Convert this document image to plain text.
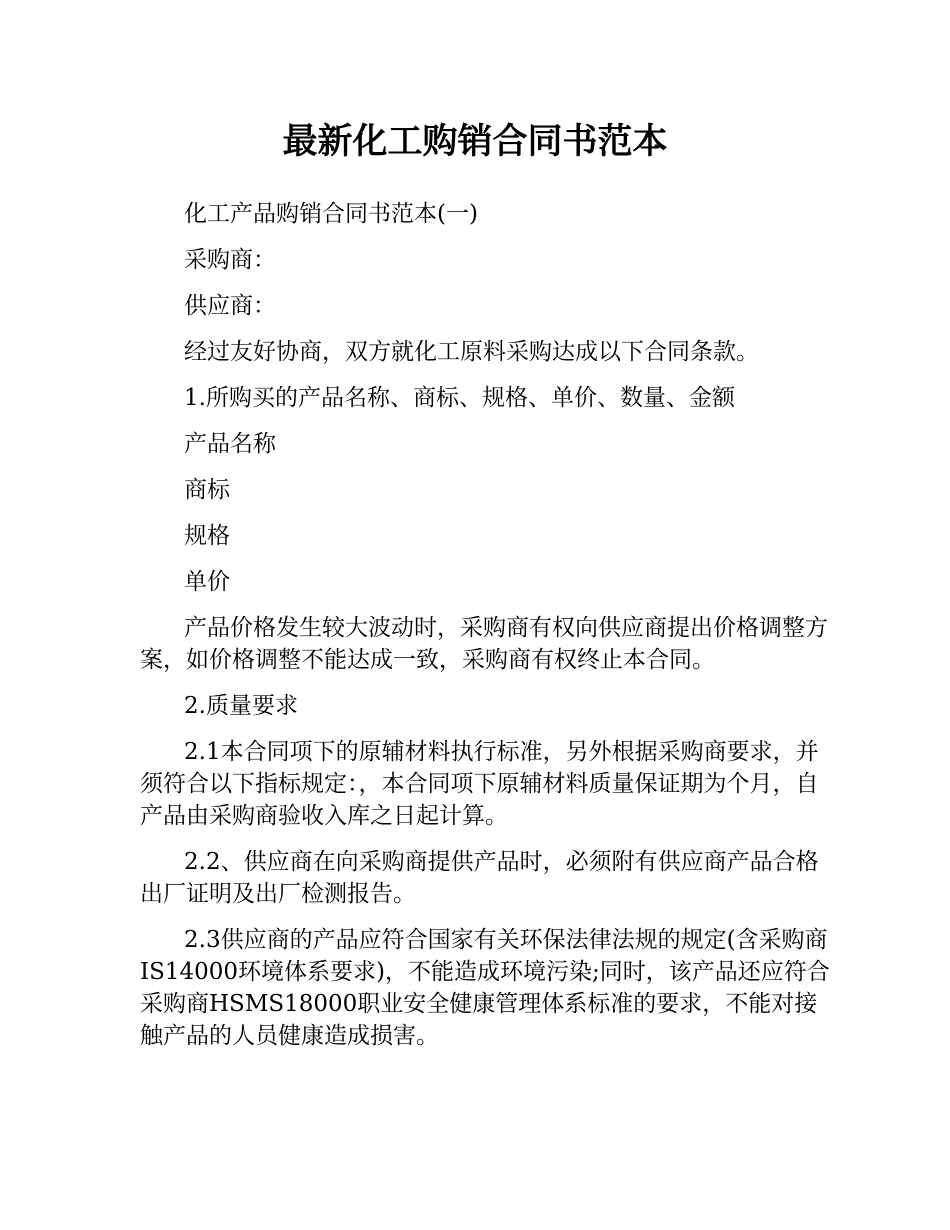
最新化工购销合同书范本

化工产品购销合同书范本(一)

采购商：

供应商：

经过友好协商，双方就化工原料采购达成以下合同条款。

1.所购买的产品名称、商标、规格、单价、数量、金额

产品名称

商标

规格

单价

产品价格发生较大波动时，采购商有权向供应商提出价格调整方案，如价格调整不能达成一致，采购商有权终止本合同。

2.质量要求

2.1本合同项下的原辅材料执行标准，另外根据采购商要求，并须符合以下指标规定：，本合同项下原辅材料质量保证期为个月，自产品由采购商验收入库之日起计算。

2.2、供应商在向采购商提供产品时，必须附有供应商产品合格出厂证明及出厂检测报告。

2.3供应商的产品应符合国家有关环保法律法规的规定(含采购商IS14000环境体系要求)，不能造成环境污染;同时，该产品还应符合采购商HSMS18000职业安全健康管理体系标准的要求，不能对接触产品的人员健康造成损害。
